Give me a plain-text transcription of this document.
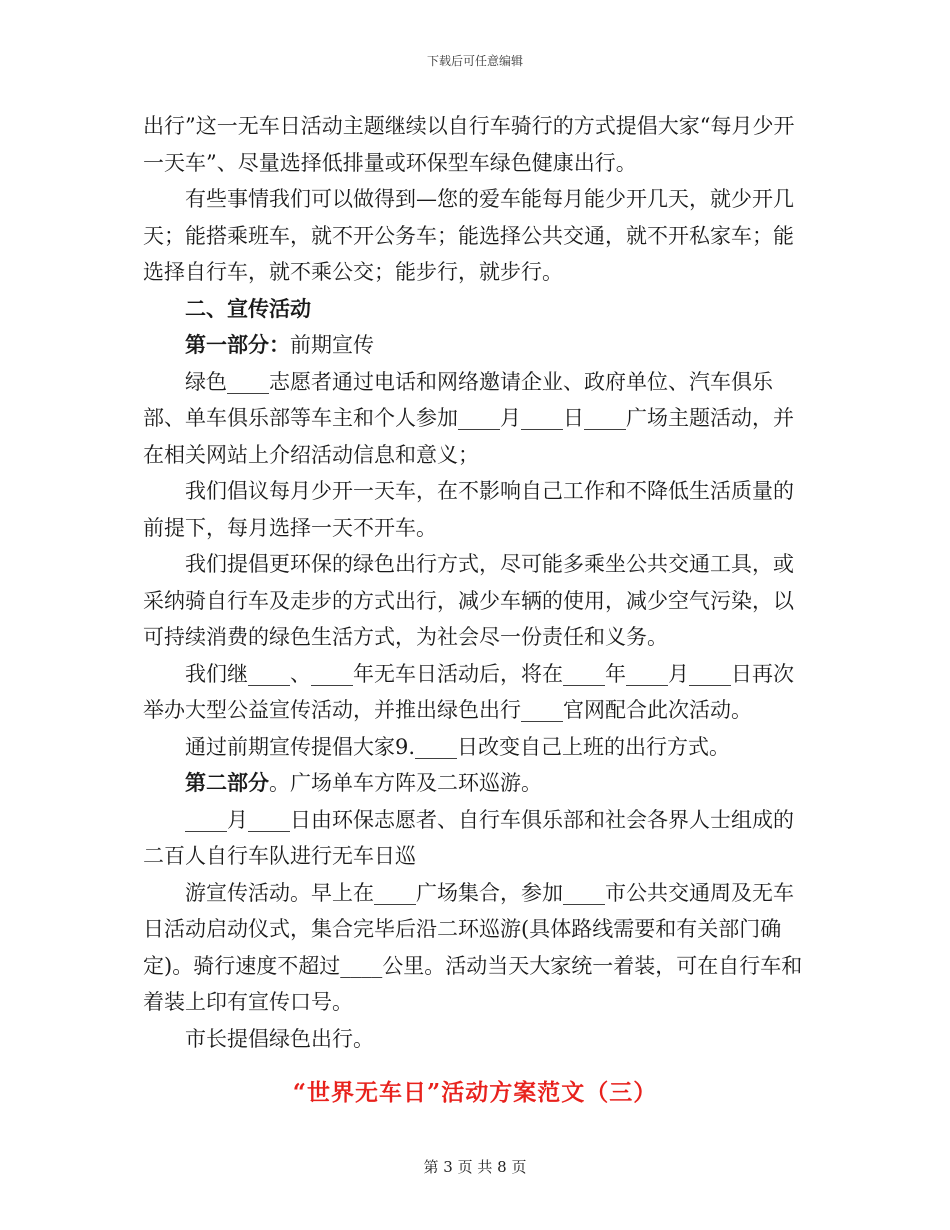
下载后可任意编辑

出行”这一无车日活动主题继续以自行车骑行的方式提倡大家“每月少开一天车”、尽量选择低排量或环保型车绿色健康出行。

有些事情我们可以做得到—您的爱车能每月能少开几天，就少开几天；能搭乘班车，就不开公务车；能选择公共交通，就不开私家车；能选择自行车，就不乘公交；能步行，就步行。

二、宣传活动

第一部分：前期宣传

绿色____志愿者通过电话和网络邀请企业、政府单位、汽车俱乐部、单车俱乐部等车主和个人参加____月____日____广场主题活动，并在相关网站上介绍活动信息和意义；

我们倡议每月少开一天车，在不影响自己工作和不降低生活质量的前提下，每月选择一天不开车。

我们提倡更环保的绿色出行方式，尽可能多乘坐公共交通工具，或采纳骑自行车及走步的方式出行，减少车辆的使用，减少空气污染，以可持续消费的绿色生活方式，为社会尽一份责任和义务。

我们继____、____年无车日活动后，将在____年____月____日再次举办大型公益宣传活动，并推出绿色出行____官网配合此次活动。

通过前期宣传提倡大家9.____日改变自己上班的出行方式。

第二部分。广场单车方阵及二环巡游。

____月____日由环保志愿者、自行车俱乐部和社会各界人士组成的二百人自行车队进行无车日巡

游宣传活动。早上在____广场集合，参加____市公共交通周及无车日活动启动仪式，集合完毕后沿二环巡游(具体路线需要和有关部门确定)。骑行速度不超过____公里。活动当天大家统一着装，可在自行车和着装上印有宣传口号。

市长提倡绿色出行。

“世界无车日”活动方案范文（三）
第 3 页 共 8 页
